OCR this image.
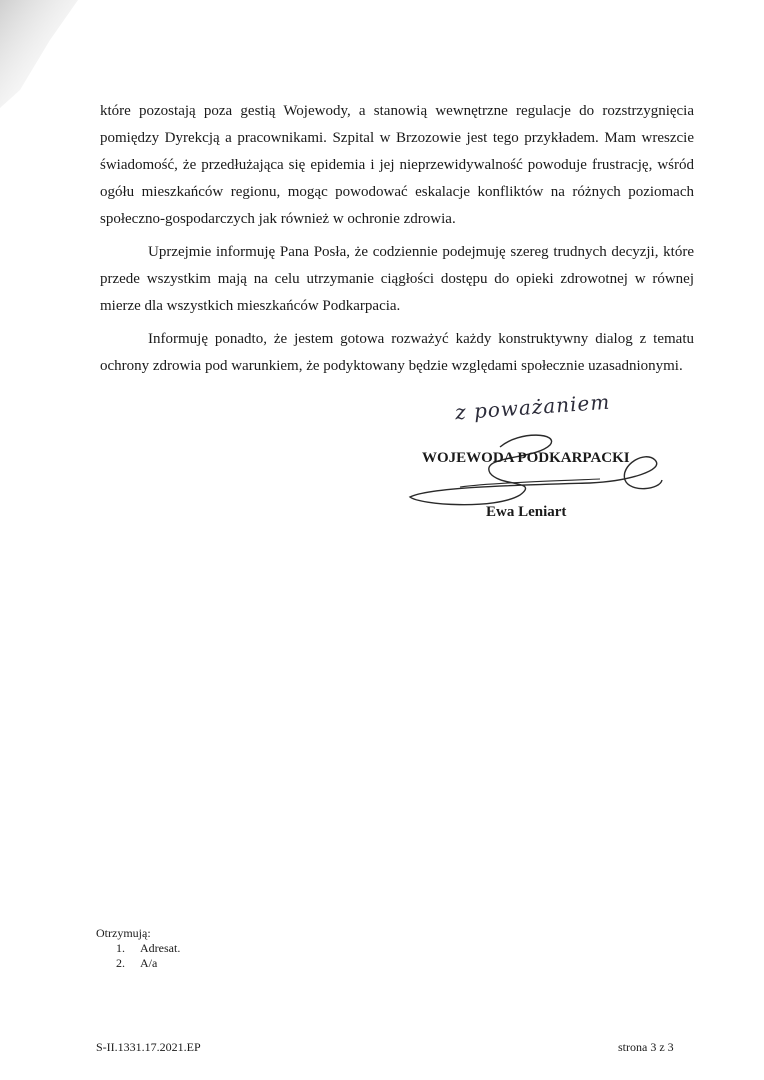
które pozostają poza gestią Wojewody, a stanowią wewnętrzne regulacje do rozstrzygnięcia pomiędzy Dyrekcją a pracownikami. Szpital w Brzozowie jest tego przykładem. Mam wreszcie świadomość, że przedłużająca się epidemia i jej nieprzewidywalność powoduje frustrację, wśród ogółu mieszkańców regionu, mogąc powodować eskalacje konfliktów na różnych poziomach społeczno-gospodarczych jak również w ochronie zdrowia.

Uprzejmie informuję Pana Posła, że codziennie podejmuję szereg trudnych decyzji, które przede wszystkim mają na celu utrzymanie ciągłości dostępu do opieki zdrowotnej w równej mierze dla wszystkich mieszkańców Podkarpacia.

Informuję ponadto, że jestem gotowa rozważyć każdy konstruktywny dialog z tematu ochrony zdrowia pod warunkiem, że podyktowany będzie względami społecznie uzasadnionymi.

z poważaniem
WOJEWODA PODKARPACKI
Ewa Leniart
Otrzymują:
1. Adresat.
2. A/a
S-II.1331.17.2021.EP	strona 3 z 3
